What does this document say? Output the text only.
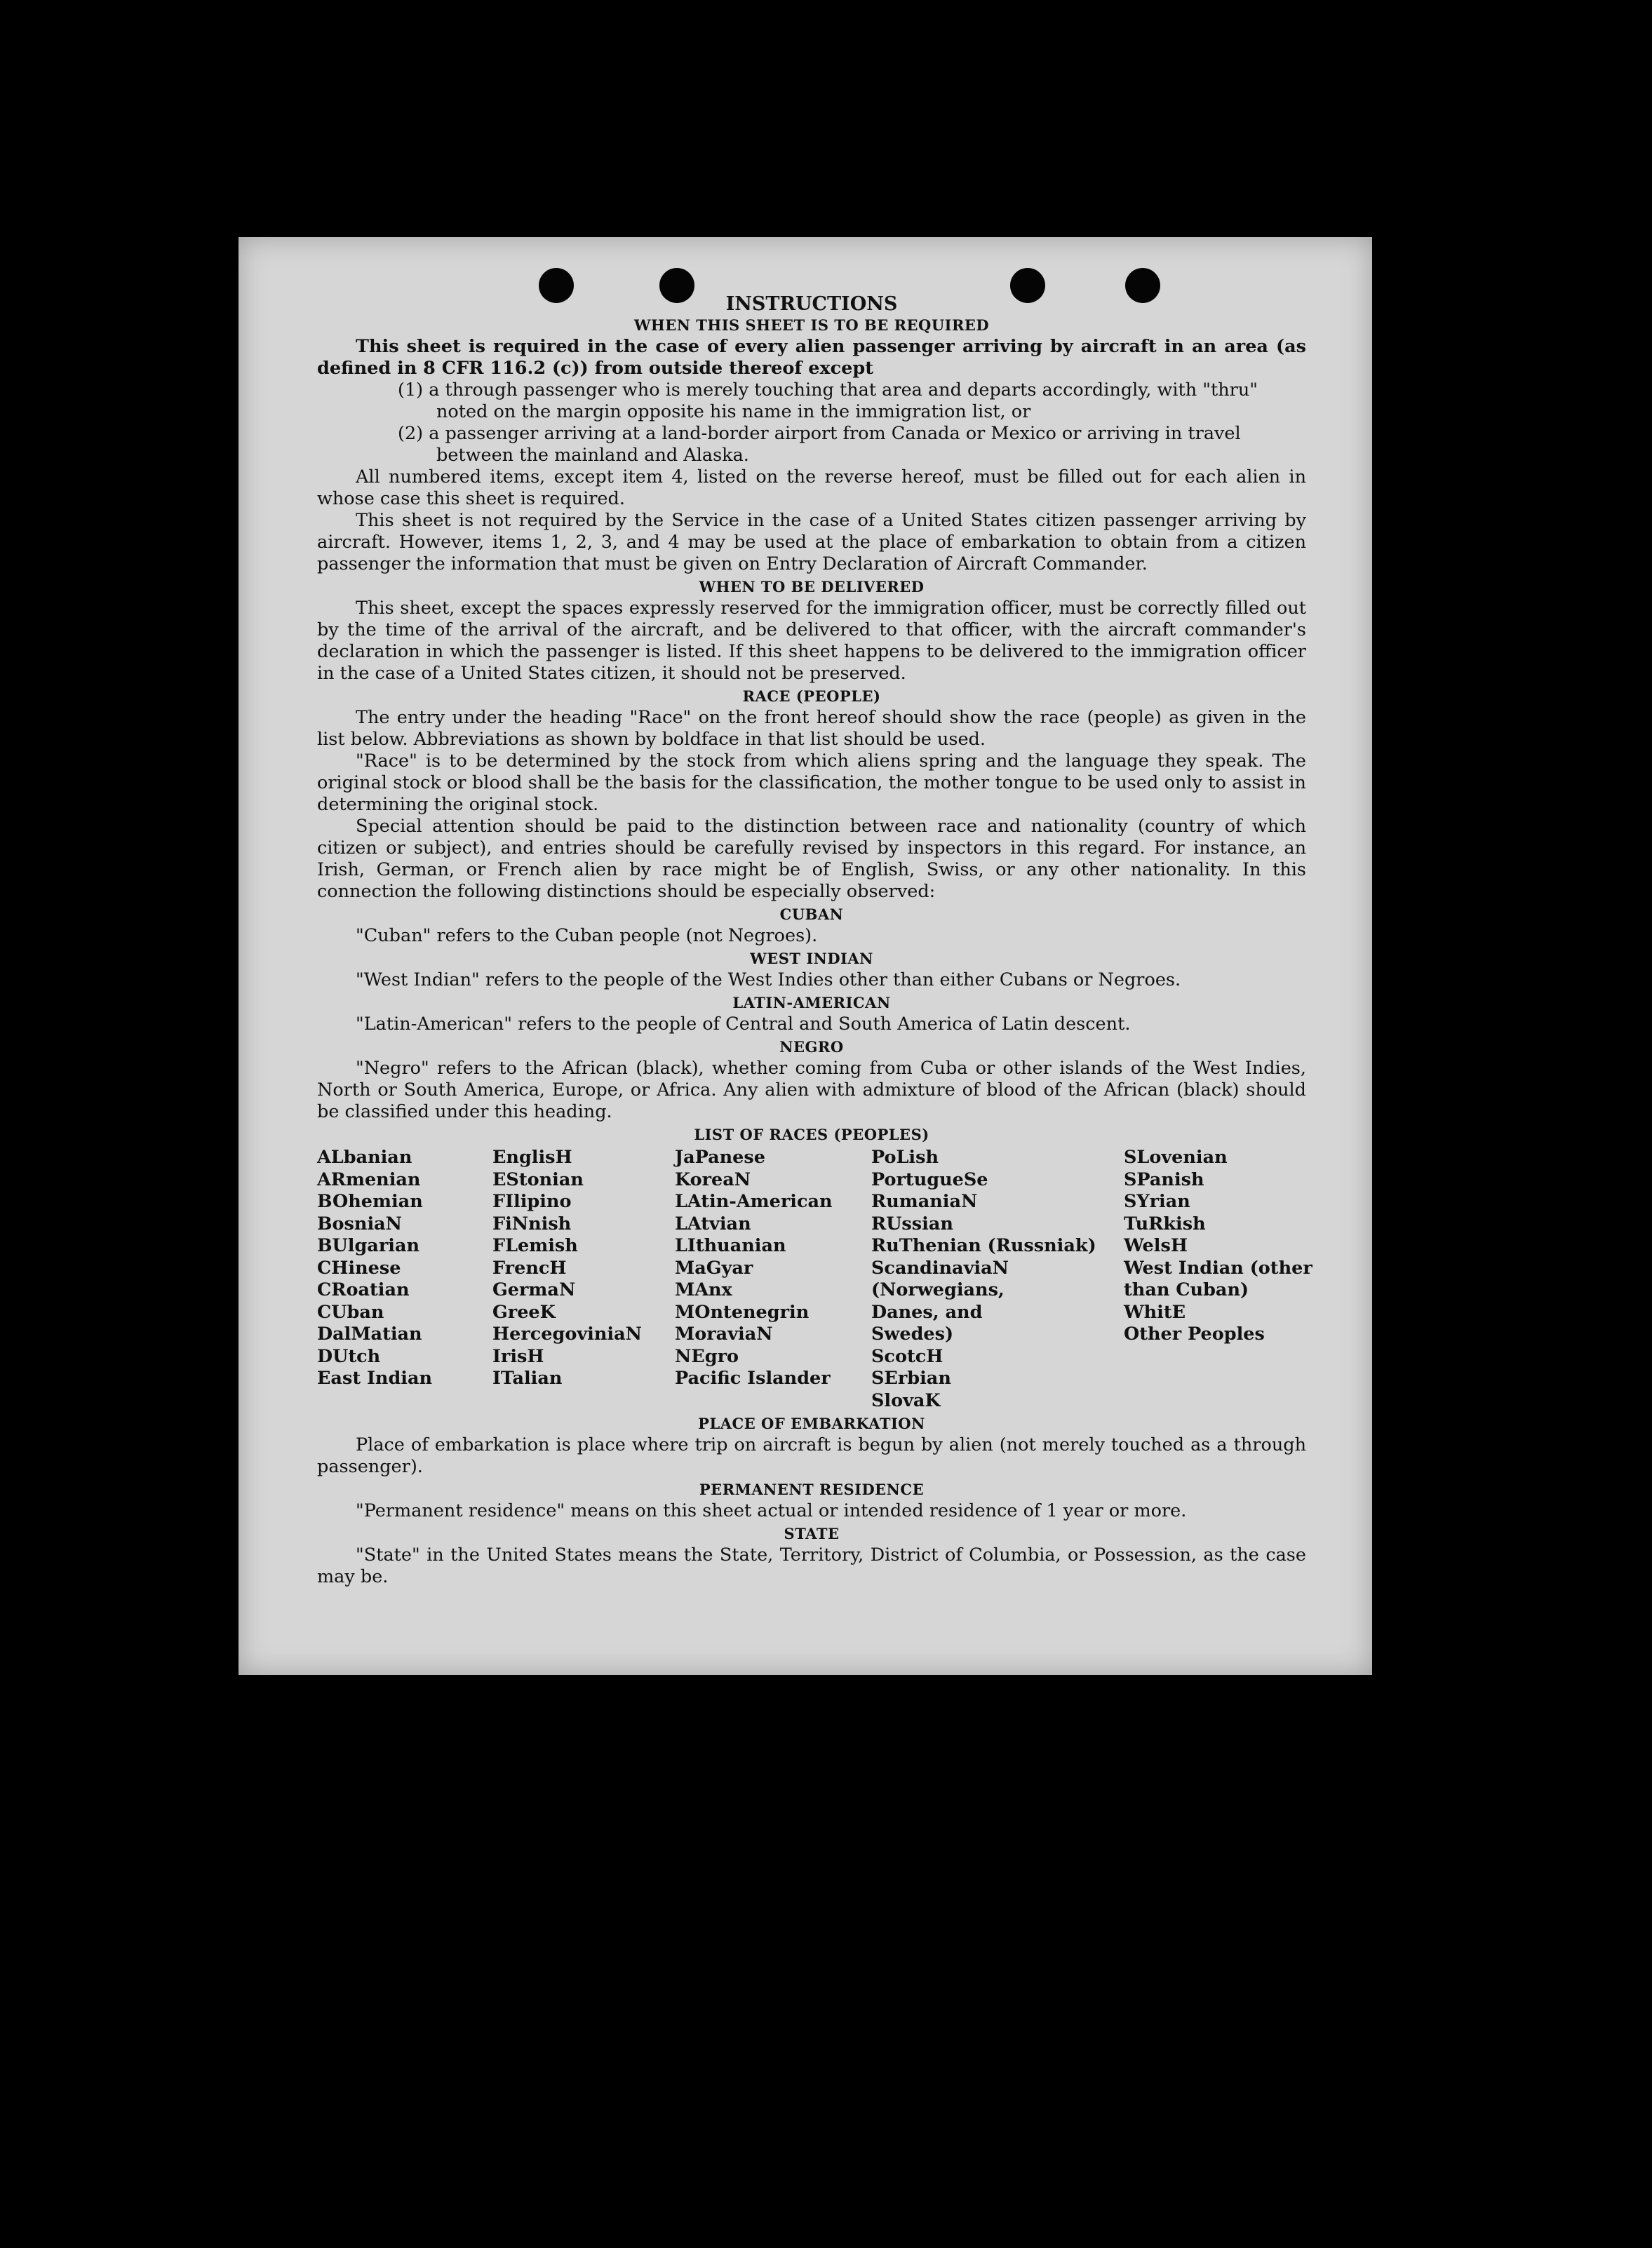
INSTRUCTIONS
WHEN THIS SHEET IS TO BE REQUIRED

This sheet is required in the case of every alien passenger arriving by aircraft in an area (as defined in 8 CFR 116.2 (c)) from outside thereof except

(1) a through passenger who is merely touching that area and departs accordingly, with "thru" noted on the margin opposite his name in the immigration list, or

(2) a passenger arriving at a land-border airport from Canada or Mexico or arriving in travel between the mainland and Alaska.

All numbered items, except item 4, listed on the reverse hereof, must be filled out for each alien in whose case this sheet is required.

This sheet is not required by the Service in the case of a United States citizen passenger arriving by aircraft. However, items 1, 2, 3, and 4 may be used at the place of embarkation to obtain from a citizen passenger the information that must be given on Entry Declaration of Aircraft Commander.

WHEN TO BE DELIVERED

This sheet, except the spaces expressly reserved for the immigration officer, must be correctly filled out by the time of the arrival of the aircraft, and be delivered to that officer, with the aircraft commander's declaration in which the passenger is listed. If this sheet happens to be delivered to the immigration officer in the case of a United States citizen, it should not be preserved.

RACE (PEOPLE)

The entry under the heading "Race" on the front hereof should show the race (people) as given in the list below. Abbreviations as shown by boldface in that list should be used.

"Race" is to be determined by the stock from which aliens spring and the language they speak. The original stock or blood shall be the basis for the classification, the mother tongue to be used only to assist in determining the original stock.

Special attention should be paid to the distinction between race and nationality (country of which citizen or subject), and entries should be carefully revised by inspectors in this regard. For instance, an Irish, German, or French alien by race might be of English, Swiss, or any other nationality. In this connection the following distinctions should be especially observed:

CUBAN

"Cuban" refers to the Cuban people (not Negroes).

WEST INDIAN

"West Indian" refers to the people of the West Indies other than either Cubans or Negroes.

LATIN-AMERICAN

"Latin-American" refers to the people of Central and South America of Latin descent.

NEGRO

"Negro" refers to the African (black), whether coming from Cuba or other islands of the West Indies, North or South America, Europe, or Africa. Any alien with admixture of blood of the African (black) should be classified under this heading.

LIST OF RACES (PEOPLES)
ALbanian
ARmenian
BOhemian
BosniaN
BUlgarian
CHinese
CRoatian
CUban
DalMatian
DUtch
East Indian
EnglisH
EStonian
FIlipino
FiNnish
FLemish
FrencH
GermaN
GreeK
HercegoviniaN
IrisH
ITalian
JaPanese
KoreaN
LAtin-American
LAtvian
LIthuanian
MaGyar
MAnx
MOntenegrin
MoraviaN
NEgro
Pacific Islander
PoLish
PortugueSe
RumaniaN
RUssian
RuThenian (Russniak)
ScandinaviaN (Norwegians, Danes, and Swedes)
ScotcH
SErbian
SlovaK
SLovenian
SPanish
SYrian
TuRkish
WelsH
West Indian (other than Cuban)
WhitE
Other Peoples
PLACE OF EMBARKATION

Place of embarkation is place where trip on aircraft is begun by alien (not merely touched as a through passenger).

PERMANENT RESIDENCE

"Permanent residence" means on this sheet actual or intended residence of 1 year or more.

STATE

"State" in the United States means the State, Territory, District of Columbia, or Possession, as the case may be.
